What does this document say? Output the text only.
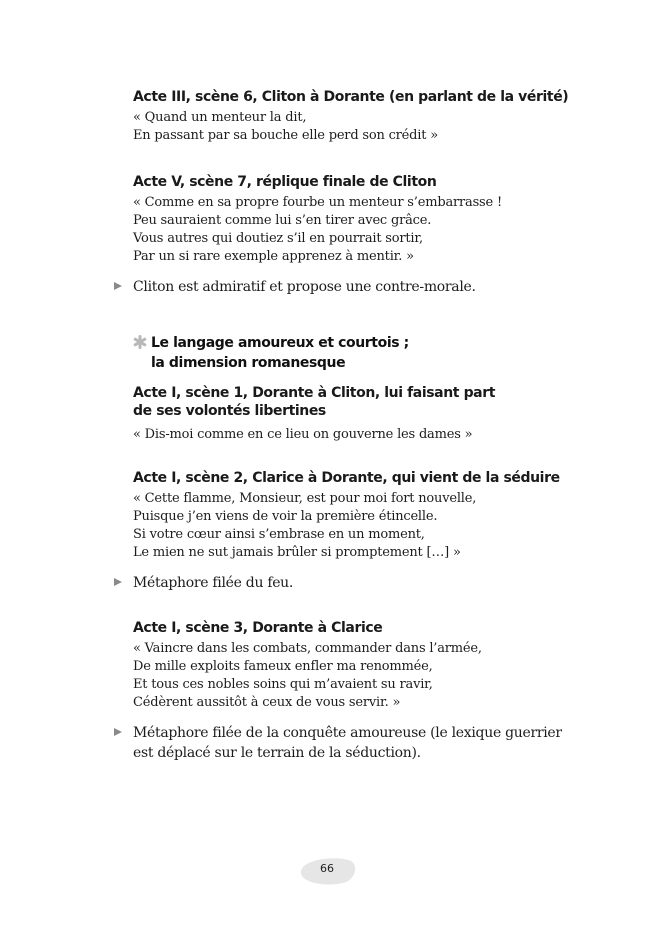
Acte III, scène 6, Cliton à Dorante (en parlant de la vérité)

« Quand un menteur la dit,
En passant par sa bouche elle perd son crédit »

Acte V, scène 7, réplique finale de Cliton

« Comme en sa propre fourbe un menteur s’embarrasse !
Peu sauraient comme lui s’en tirer avec grâce.
Vous autres qui doutiez s’il en pourrait sortir,
Par un si rare exemple apprenez à mentir. »
Cliton est admiratif et propose une contre-morale.
Le langage amoureux et courtois ;
la dimension romanesque
Acte I, scène 1, Dorante à Cliton, lui faisant part
de ses volontés libertines
« Dis-moi comme en ce lieu on gouverne les dames »

Acte I, scène 2, Clarice à Dorante, qui vient de la séduire

« Cette flamme, Monsieur, est pour moi fort nouvelle,
Puisque j’en viens de voir la première étincelle.
Si votre cœur ainsi s’embrase en un moment,
Le mien ne sut jamais brûler si promptement […] »
Métaphore filée du feu.

Acte I, scène 3, Dorante à Clarice

« Vaincre dans les combats, commander dans l’armée,
De mille exploits fameux enfler ma renommée,
Et tous ces nobles soins qui m’avaient su ravir,
Cédèrent aussitôt à ceux de vous servir. »
Métaphore filée de la conquête amoureuse (le lexique guerrier
est déplacé sur le terrain de la séduction).
66
